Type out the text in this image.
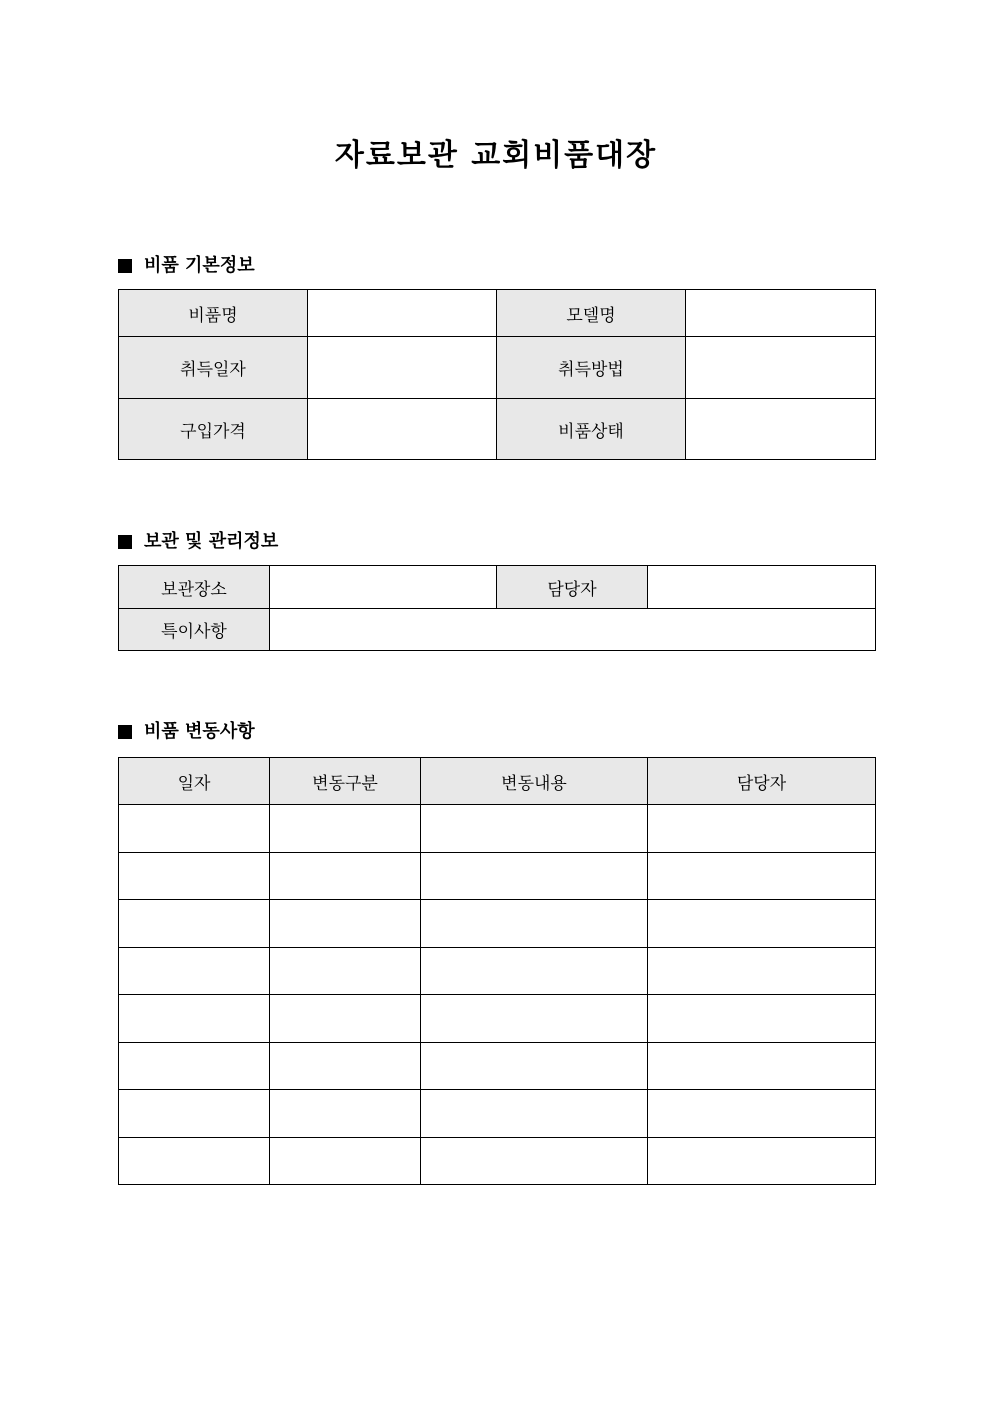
자료보관 교회비품대장
비품 기본정보
비품명		모델명	
취득일자		취득방법	
구입가격		비품상태	
보관 및 관리정보
보관장소		담당자	
특이사항			
비품 변동사항
일자	변동구분	변동내용	담당자
